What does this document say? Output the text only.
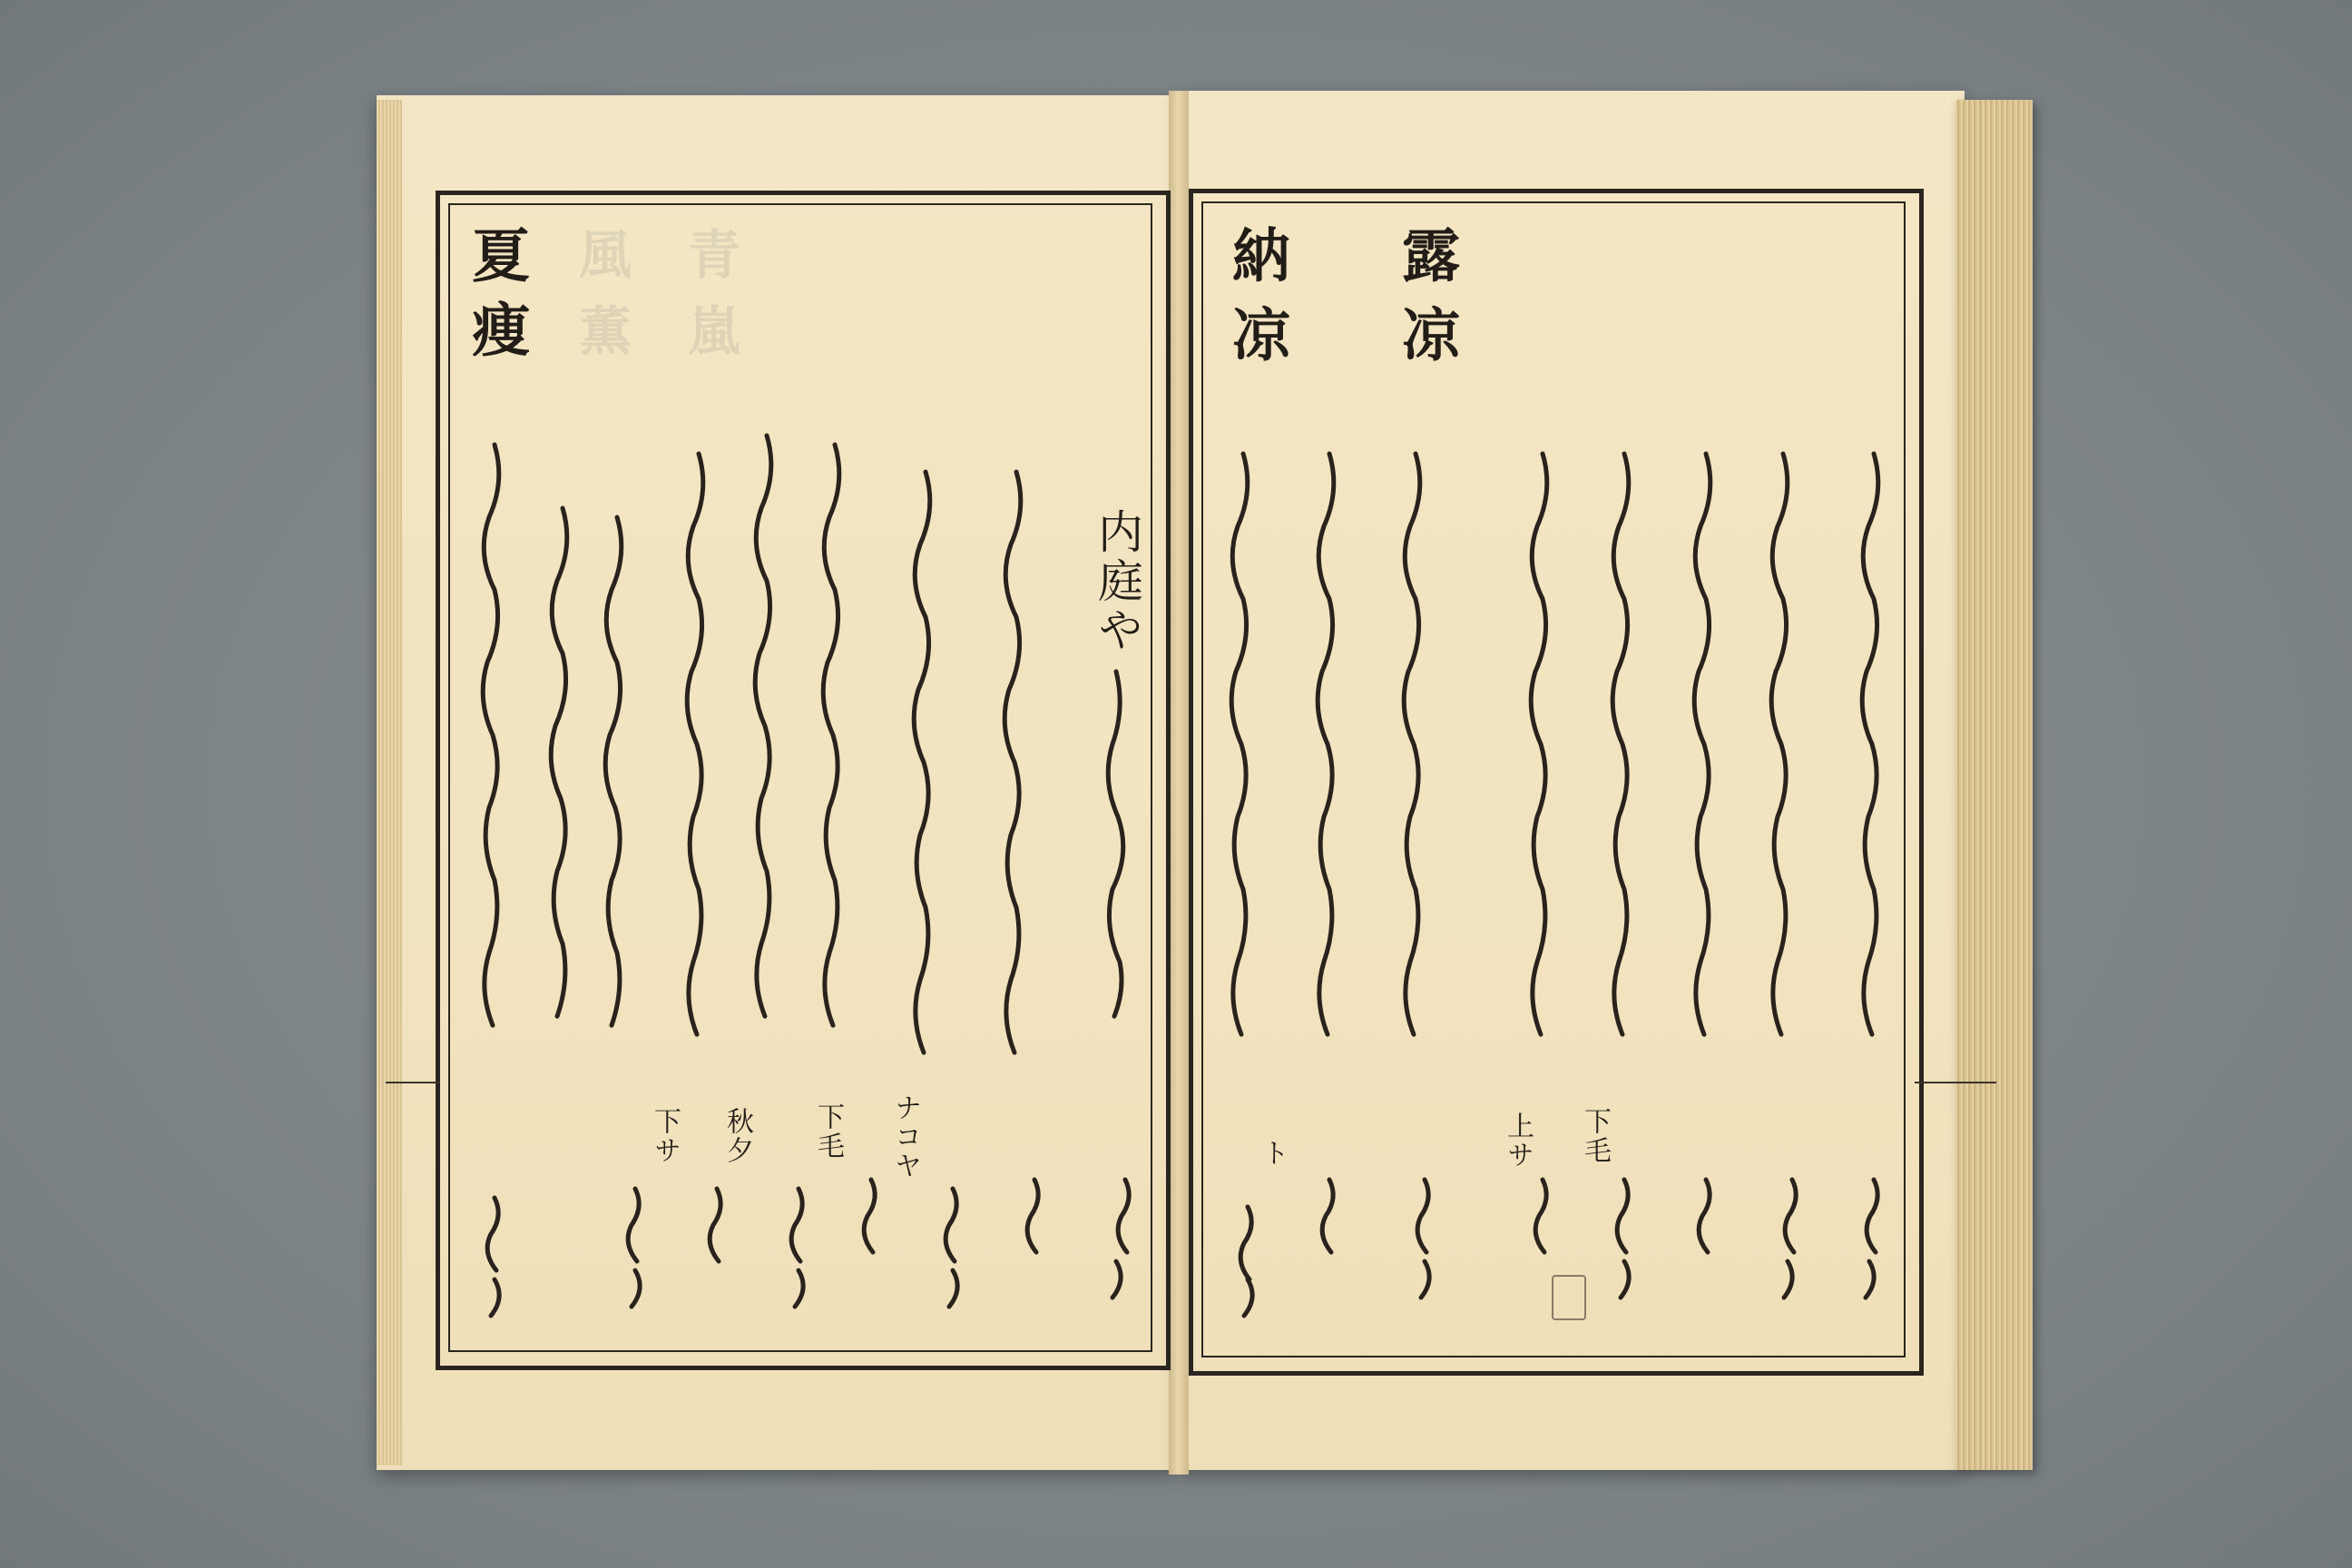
青嵐
風薫
夏
痩
内庭や
露
凉
納
凉
下毛
上サ
ト
ナコヤ
下毛
秋夕
下サ
